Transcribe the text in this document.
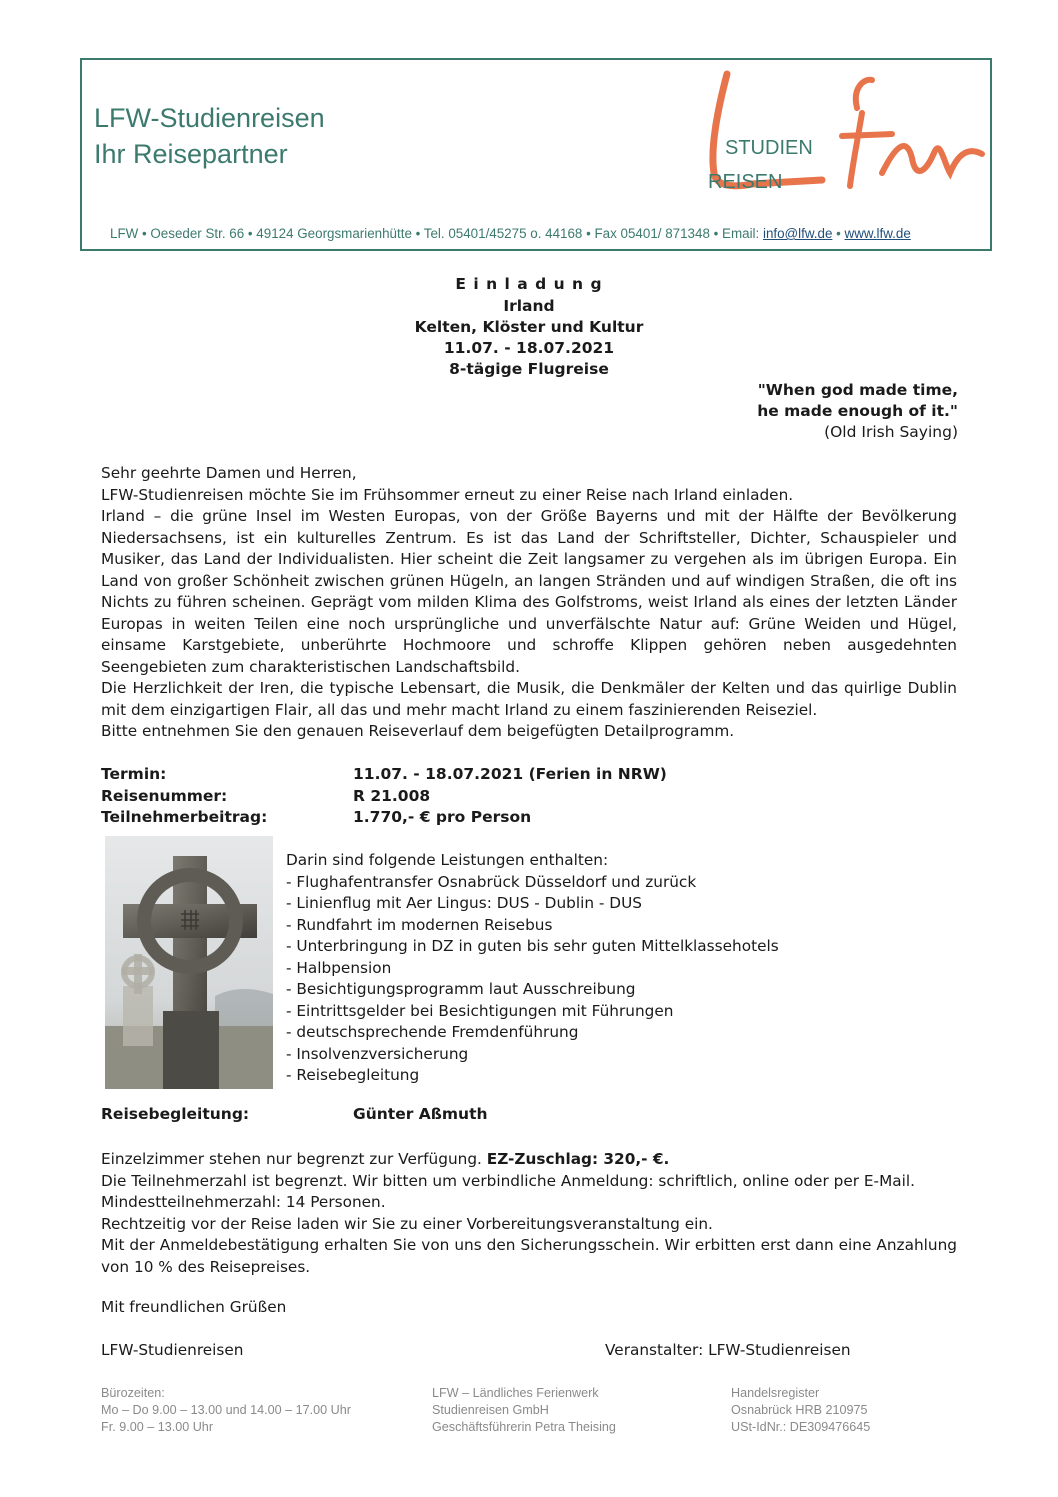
LFW-Studienreisen
Ihr Reisepartner	STUDIEN
REISEN
LFW • Oeseder Str. 66 • 49124 Georgsmarienhütte • Tel. 05401/45275 o. 44168 • Fax 05401/ 871348 • Email: info@lfw.de • www.lfw.de
E i n l a d u n g
Irland
Kelten, Klöster und Kultur
11.07. - 18.07.2021
8-tägige Flugreise
"When god made time,
he made enough of it."
(Old Irish Saying)

Sehr geehrte Damen und Herren,

LFW-Studienreisen möchte Sie im Frühsommer erneut zu einer Reise nach Irland einladen.

Irland – die grüne Insel im Westen Europas, von der Größe Bayerns und mit der Hälfte der Bevölkerung Niedersachsens, ist ein kulturelles Zentrum. Es ist das Land der Schriftsteller, Dichter, Schauspieler und Musiker, das Land der Individualisten. Hier scheint die Zeit langsamer zu vergehen als im übrigen Europa. Ein Land von großer Schönheit zwischen grünen Hügeln, an langen Stränden und auf windigen Straßen, die oft ins Nichts zu führen scheinen. Geprägt vom milden Klima des Golfstroms, weist Irland als eines der letzten Länder Europas in weiten Teilen eine noch ursprüngliche und unverfälschte Natur auf: Grüne Weiden und Hügel, einsame Karstgebiete, unberührte Hochmoore und schroffe Klippen gehören neben ausgedehnten Seengebieten zum charakteristischen Landschaftsbild.

Die Herzlichkeit der Iren, die typische Lebensart, die Musik, die Denkmäler der Kelten und das quirlige Dublin mit dem einzigartigen Flair, all das und mehr macht Irland zu einem faszinierenden Reiseziel.

Bitte entnehmen Sie den genauen Reiseverlauf dem beigefügten Detailprogramm.

Termin:	11.07. - 18.07.2021 (Ferien in NRW)
Reisenummer:	R 21.008
Teilnehmerbeitrag:	1.770,- € pro Person
Darin sind folgende Leistungen enthalten:
- Flughafentransfer Osnabrück Düsseldorf und zurück
- Linienflug mit Aer Lingus: DUS - Dublin - DUS
- Rundfahrt im modernen Reisebus
- Unterbringung in DZ in guten bis sehr guten Mittelklassehotels
- Halbpension
- Besichtigungsprogramm laut Ausschreibung
- Eintrittsgelder bei Besichtigungen mit Führungen
- deutschsprechende Fremdenführung
- Insolvenzversicherung
- Reisebegleitung
Reisebegleitung:	Günter Aßmuth

Einzelzimmer stehen nur begrenzt zur Verfügung. EZ-Zuschlag: 320,- €.

Die Teilnehmerzahl ist begrenzt. Wir bitten um verbindliche Anmeldung: schriftlich, online oder per E-Mail.

Mindestteilnehmerzahl: 14 Personen.

Rechtzeitig vor der Reise laden wir Sie zu einer Vorbereitungsveranstaltung ein.

Mit der Anmeldebestätigung erhalten Sie von uns den Sicherungsschein. Wir erbitten erst dann eine Anzahlung von 10 % des Reisepreises.

Mit freundlichen Grüßen
LFW-Studienreisen	Veranstalter: LFW-Studienreisen
Bürozeiten:
Mo – Do 9.00 – 13.00 und 14.00 – 17.00 Uhr
Fr. 9.00 – 13.00 Uhr
LFW – Ländliches Ferienwerk
Studienreisen GmbH
Geschäftsführerin Petra Theising
Handelsregister
Osnabrück HRB 210975
USt-IdNr.: DE309476645
